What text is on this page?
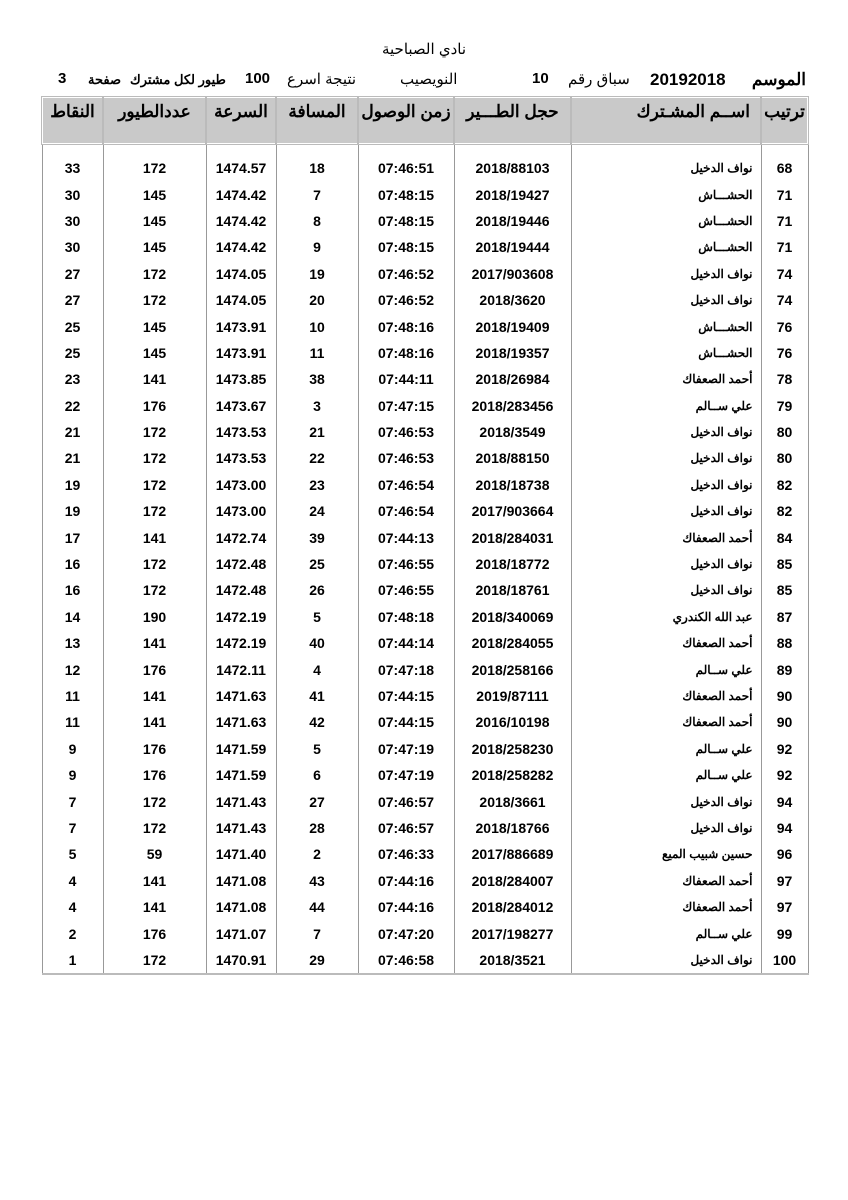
نادي الصباحية
الموسم
20192018
سباق رقم
10
النويصيب
نتيجة اسرع
100
طيور لكل مشترك
صفحة
3
النقاط	عددالطيور	السرعة	المسافة	زمن الوصول	حجل الطـــير	اســم المشـترك	ترتيب

33	172	1474.57	18	07:46:51	2018/88103	نواف الدخيل	68
30	145	1474.42	7	07:48:15	2018/19427	الحشـــاش	71
30	145	1474.42	8	07:48:15	2018/19446	الحشـــاش	71
30	145	1474.42	9	07:48:15	2018/19444	الحشـــاش	71
27	172	1474.05	19	07:46:52	2017/903608	نواف الدخيل	74
27	172	1474.05	20	07:46:52	2018/3620	نواف الدخيل	74
25	145	1473.91	10	07:48:16	2018/19409	الحشـــاش	76
25	145	1473.91	11	07:48:16	2018/19357	الحشـــاش	76
23	141	1473.85	38	07:44:11	2018/26984	أحمد الصعفاك	78
22	176	1473.67	3	07:47:15	2018/283456	علي ســالم	79
21	172	1473.53	21	07:46:53	2018/3549	نواف الدخيل	80
21	172	1473.53	22	07:46:53	2018/88150	نواف الدخيل	80
19	172	1473.00	23	07:46:54	2018/18738	نواف الدخيل	82
19	172	1473.00	24	07:46:54	2017/903664	نواف الدخيل	82
17	141	1472.74	39	07:44:13	2018/284031	أحمد الصعفاك	84
16	172	1472.48	25	07:46:55	2018/18772	نواف الدخيل	85
16	172	1472.48	26	07:46:55	2018/18761	نواف الدخيل	85
14	190	1472.19	5	07:48:18	2018/340069	عبد الله الكندري	87
13	141	1472.19	40	07:44:14	2018/284055	أحمد الصعفاك	88
12	176	1472.11	4	07:47:18	2018/258166	علي ســالم	89
11	141	1471.63	41	07:44:15	2019/87111	أحمد الصعفاك	90
11	141	1471.63	42	07:44:15	2016/10198	أحمد الصعفاك	90
9	176	1471.59	5	07:47:19	2018/258230	علي ســالم	92
9	176	1471.59	6	07:47:19	2018/258282	علي ســالم	92
7	172	1471.43	27	07:46:57	2018/3661	نواف الدخيل	94
7	172	1471.43	28	07:46:57	2018/18766	نواف الدخيل	94
5	59	1471.40	2	07:46:33	2017/886689	حسين شبيب الميع	96
4	141	1471.08	43	07:44:16	2018/284007	أحمد الصعفاك	97
4	141	1471.08	44	07:44:16	2018/284012	أحمد الصعفاك	97
2	176	1471.07	7	07:47:20	2017/198277	علي ســالم	99
1	172	1470.91	29	07:46:58	2018/3521	نواف الدخيل	100
